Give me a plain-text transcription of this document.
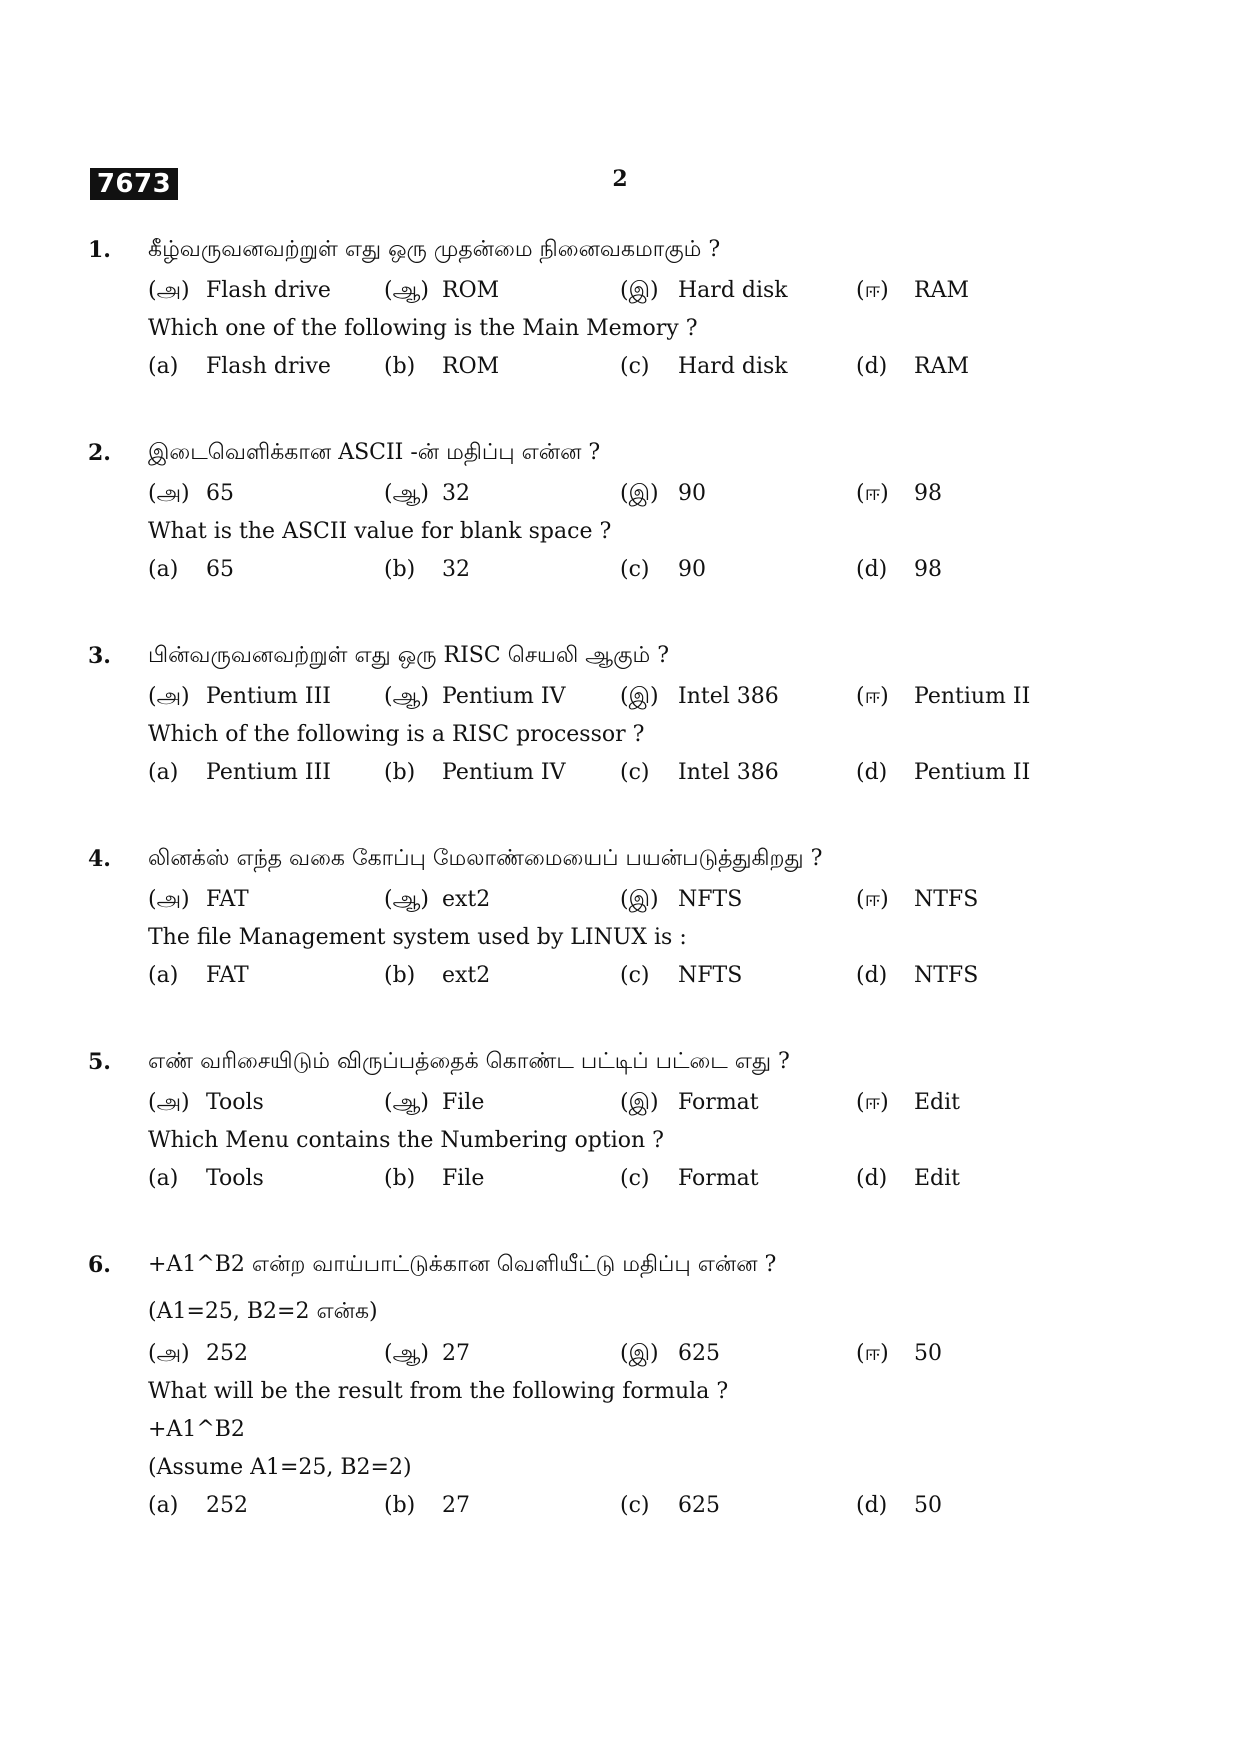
7673	2
1. கீழ்வருவனவற்றுள் எது ஒரு முதன்மை நினைவகமாகும் ?
(அ) Flash drive (ஆ) ROM	(இ) Hard disk	(ஈ) RAM
Which one of the following is the Main Memory ?
(a) Flash drive (b) ROM	(c) Hard disk	(d) RAM
2. இடைவெளிக்கான ASCII -ன் மதிப்பு என்ன ?
(அ) 65	(ஆ) 32	(இ) 90	(ஈ) 98
What is the ASCII value for blank space ?
(a) 65	(b) 32	(c) 90	(d) 98
3. பின்வருவனவற்றுள் எது ஒரு RISC செயலி ஆகும் ?
(அ) Pentium III (ஆ) Pentium IV (இ) Intel 386	(ஈ) Pentium II
Which of the following is a RISC processor ?
(a) Pentium III (b) Pentium IV (c) Intel 386	(d) Pentium II
4. லினக்ஸ் எந்த வகை கோப்பு மேலாண்மையைப் பயன்படுத்துகிறது ?
(அ) FAT	(ஆ) ext2	(இ) NFTS	(ஈ) NTFS
The file Management system used by LINUX is :
(a) FAT	(b) ext2	(c) NFTS	(d) NTFS
5. எண் வரிசையிடும் விருப்பத்தைக் கொண்ட பட்டிப் பட்டை எது ?
(அ) Tools	(ஆ) File	(இ) Format	(ஈ) Edit
Which Menu contains the Numbering option ?
(a) Tools	(b) File	(c) Format	(d) Edit
6. +A1^B2 என்ற வாய்பாட்டுக்கான வெளியீட்டு மதிப்பு என்ன ?
(A1=25, B2=2 என்க)
(அ) 252	(ஆ) 27	(இ) 625	(ஈ) 50
What will be the result from the following formula ?
+A1^B2
(Assume A1=25, B2=2)
(a) 252	(b) 27	(c) 625	(d) 50
